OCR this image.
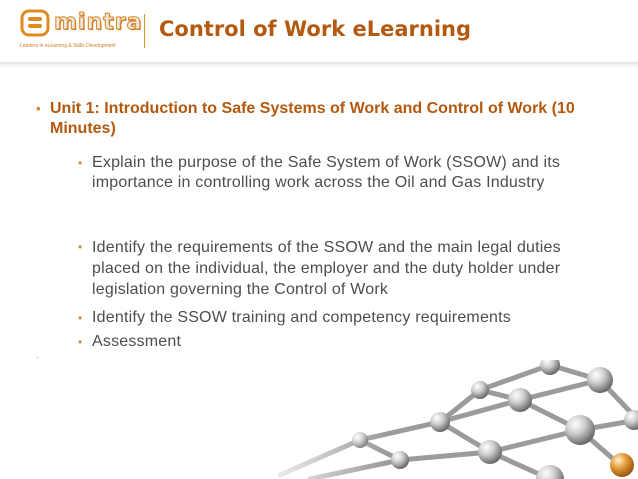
mintra
Leaders in eLearning & Skills Development
Control of Work eLearning
• Unit 1: Introduction to Safe Systems of Work and Control of Work (10 Minutes)
• Explain the purpose of the Safe System of Work (SSOW) and its importance in controlling work across the Oil and Gas Industry
• Identify the requirements of the SSOW and the main legal duties placed on the individual, the employer and the duty holder under legislation governing the Control of Work
• Identify the SSOW training and competency requirements
• Assessment
